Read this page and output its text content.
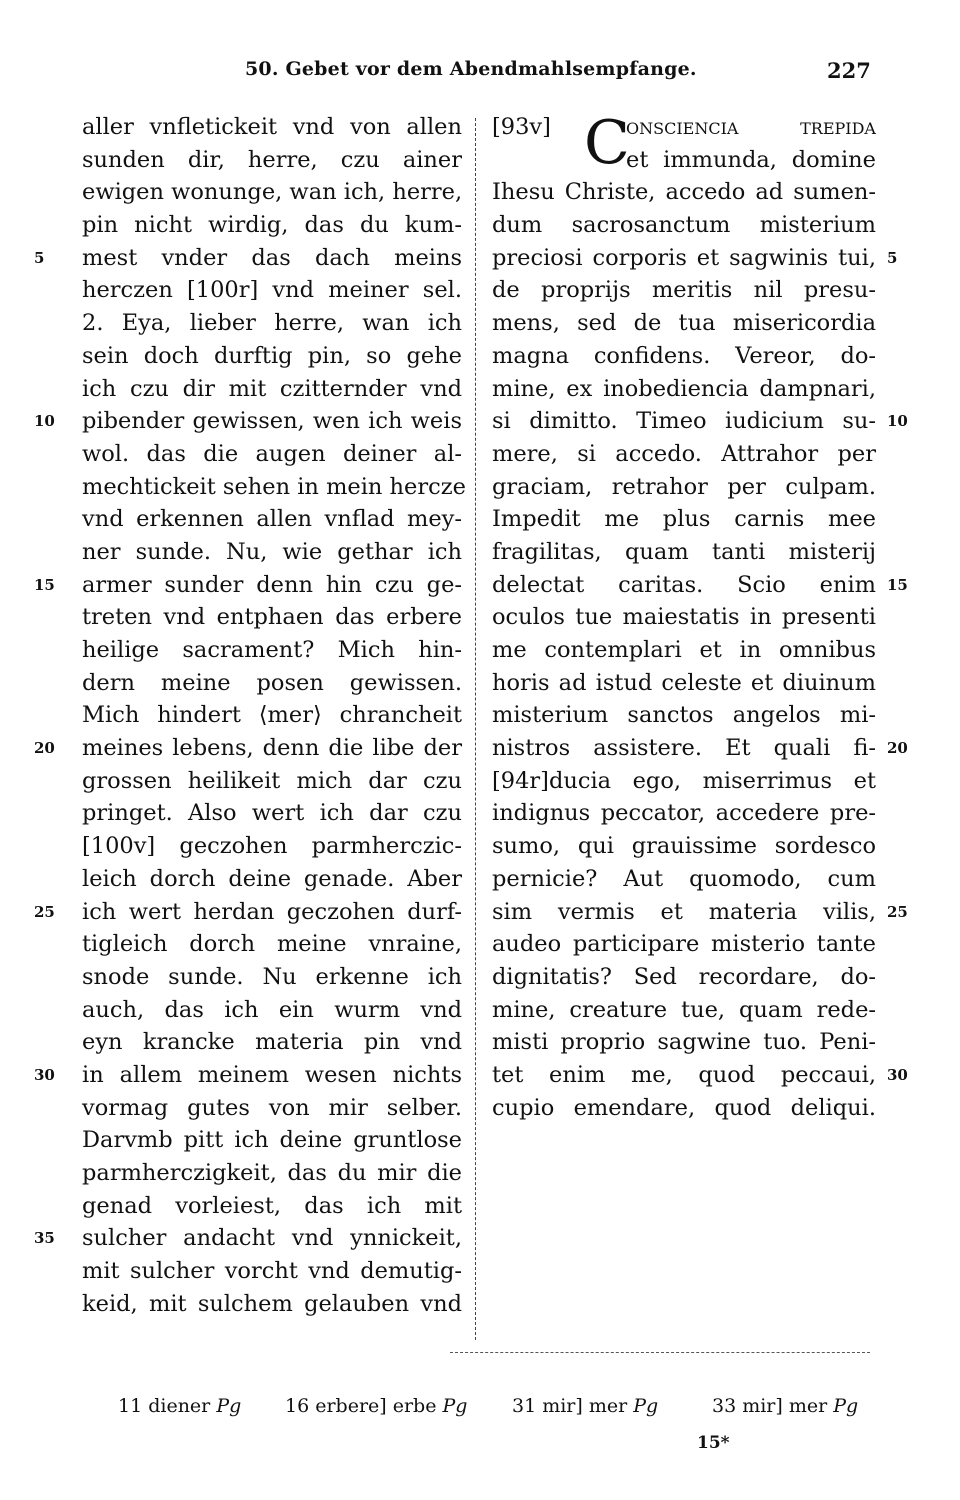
50. Gebet vor dem Abendmahlsempfange.	227
aller vnfletickeit vnd von allen
sunden dir, herre, czu ainer
ewigen wonunge, wan ich, herre,
pin nicht wirdig, das du kum-
mest vnder das dach meins
5
herczen [100r] vnd meiner sel.
2. Eya, lieber herre, wan ich
sein doch durftig pin, so gehe
ich czu dir mit czitternder vnd
pibender gewissen, wen ich weis
10
wol. das die augen deiner al-
mechtickeit sehen in mein hercze
vnd erkennen allen vnflad mey-
ner sunde. Nu, wie gethar ich
armer sunder denn hin czu ge-
15
treten vnd entphaen das erbere
heilige sacrament? Mich hin-
dern meine posen gewissen.
Mich hindert ⟨mer⟩ chrancheit
meines lebens, denn die libe der
20
grossen heilikeit mich dar czu
pringet. Also wert ich dar czu
[100v] geczohen parmherczic-
leich dorch deine genade. Aber
ich wert herdan geczohen durf-
25
tigleich dorch meine vnraine,
snode sunde. Nu erkenne ich
auch, das ich ein wurm vnd
eyn krancke materia pin vnd
in allem meinem wesen nichts
30
vormag gutes von mir selber.
Darvmb pitt ich deine gruntlose
parmherczigkeit, das du mir die
genad vorleiest, das ich mit
sulcher andacht vnd ynnickeit,
35
mit sulcher vorcht vnd demutig-
keid, mit sulchem gelauben vnd
[93v] C
onsciencia trepida
et immunda, domine
Ihesu Christe, accedo ad sumen-
dum sacrosanctum misterium
preciosi corporis et sagwinis tui, 5
de proprijs meritis nil presu-
mens, sed de tua misericordia
magna confidens. Vereor, do-
mine, ex inobediencia dampnari,
si dimitto. Timeo iudicium su- 10
mere, si accedo. Attrahor per
graciam, retrahor per culpam.
Impedit me plus carnis mee
fragilitas, quam tanti misterij
delectat caritas. Scio enim 15
oculos tue maiestatis in presenti
me contemplari et in omnibus
horis ad istud celeste et diuinum
misterium sanctos angelos mi-
nistros assistere. Et quali fi- 20
[94r]ducia ego, miserrimus et
indignus peccator, accedere pre-
sumo, qui grauissime sordesco
pernicie? Aut quomodo, cum
sim vermis et materia vilis, 25
audeo participare misterio tante
dignitatis? Sed recordare, do-
mine, creature tue, quam rede-
misti proprio sagwine tuo. Peni-
tet enim me, quod peccaui, 30
cupio emendare, quod deliqui.
11 diener Pg 16 erbere] erbe Pg 31 mir] mer Pg	33 mir] mer Pg
15*
